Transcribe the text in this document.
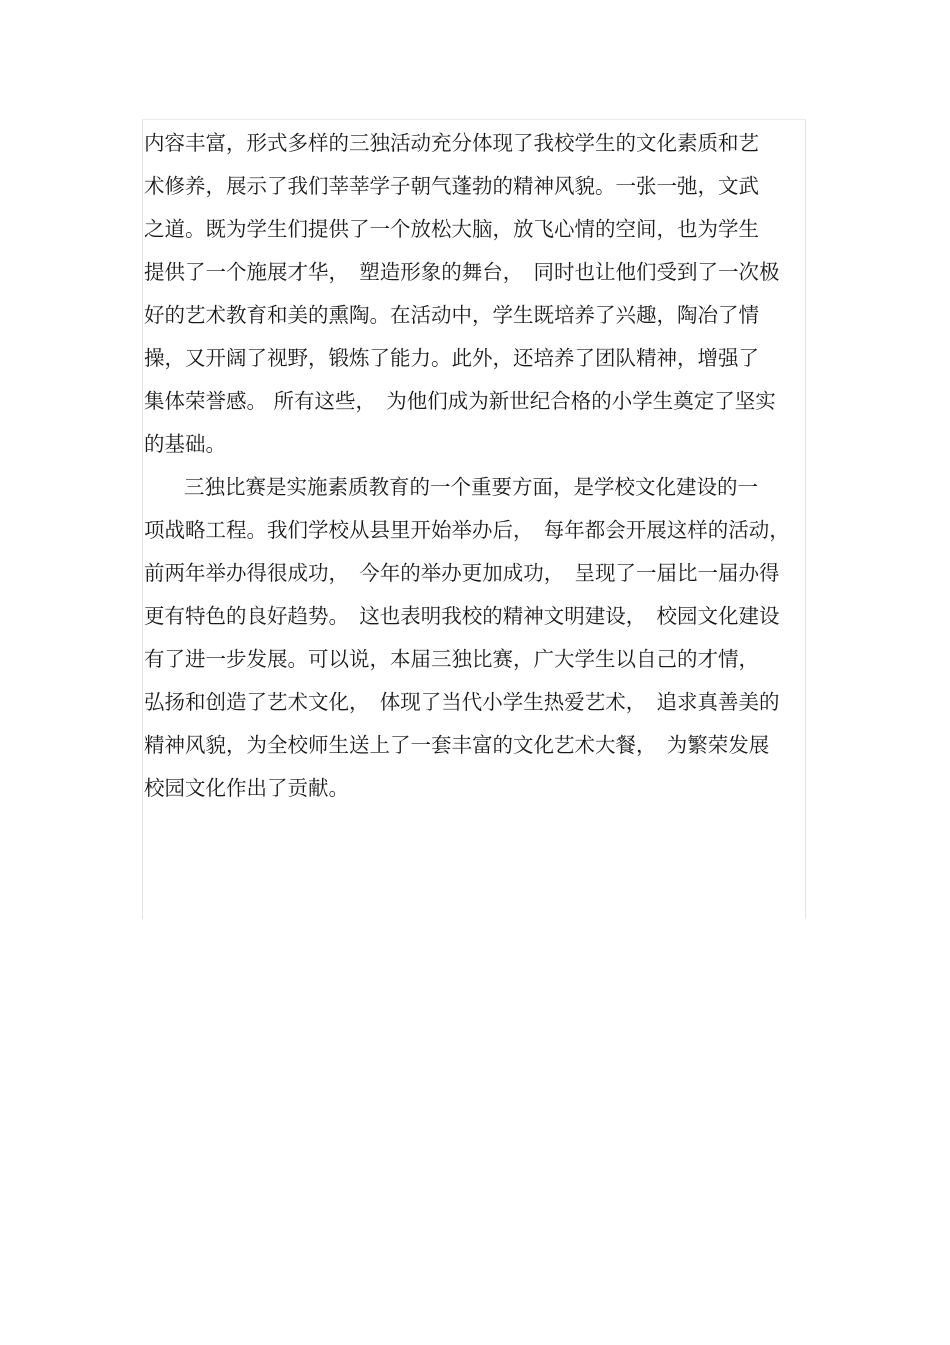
内容丰富，形式多样的三独活动充分体现了我校学生的文化素质和艺
术修养，展示了我们莘莘学子朝气蓬勃的精神风貌。一张一弛，文武
之道。既为学生们提供了一个放松大脑，放飞心情的空间，也为学生
提供了一个施展才华，　塑造形象的舞台，　同时也让他们受到了一次极
好的艺术教育和美的熏陶。在活动中，学生既培养了兴趣，陶冶了情
操，又开阔了视野，锻炼了能力。此外，还培养了团队精神，增强了
集体荣誉感。 所有这些，　为他们成为新世纪合格的小学生奠定了坚实
的基础。
三独比赛是实施素质教育的一个重要方面，是学校文化建设的一
项战略工程。我们学校从县里开始举办后，　每年都会开展这样的活动，
前两年举办得很成功，　今年的举办更加成功，　呈现了一届比一届办得
更有特色的良好趋势。　这也表明我校的精神文明建设，　校园文化建设
有了进一步发展。可以说，本届三独比赛，广大学生以自己的才情，
弘扬和创造了艺术文化，　体现了当代小学生热爱艺术，　追求真善美的
精神风貌，为全校师生送上了一套丰富的文化艺术大餐，　为繁荣发展
校园文化作出了贡献。
